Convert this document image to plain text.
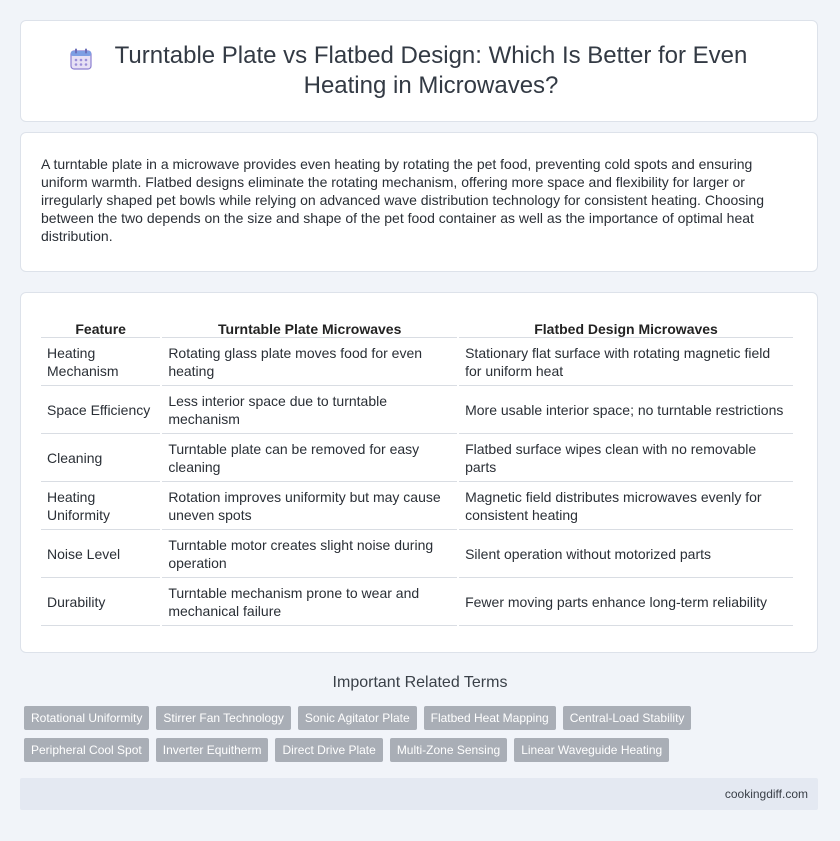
Turntable Plate vs Flatbed Design: Which Is Better for Even Heating in Microwaves?

A turntable plate in a microwave provides even heating by rotating the pet food, preventing cold spots and ensuring uniform warmth. Flatbed designs eliminate the rotating mechanism, offering more space and flexibility for larger or irregularly shaped pet bowls while relying on advanced wave distribution technology for consistent heating. Choosing between the two depends on the size and shape of the pet food container as well as the importance of optimal heat distribution.

Feature	Turntable Plate Microwaves	Flatbed Design Microwaves
Heating Mechanism	Rotating glass plate moves food for even heating	Stationary flat surface with rotating magnetic field for uniform heat
Space Efficiency	Less interior space due to turntable mechanism	More usable interior space; no turntable restrictions
Cleaning	Turntable plate can be removed for easy cleaning	Flatbed surface wipes clean with no removable parts
Heating Uniformity	Rotation improves uniformity but may cause uneven spots	Magnetic field distributes microwaves evenly for consistent heating
Noise Level	Turntable motor creates slight noise during operation	Silent operation without motorized parts
Durability	Turntable mechanism prone to wear and mechanical failure	Fewer moving parts enhance long-term reliability
Important Related Terms
Rotational Uniformity	Stirrer Fan Technology	Sonic Agitator Plate	Flatbed Heat Mapping	Central-Load Stability
Peripheral Cool Spot	Inverter Equitherm	Direct Drive Plate	Multi-Zone Sensing	Linear Waveguide Heating
cookingdiff.com
